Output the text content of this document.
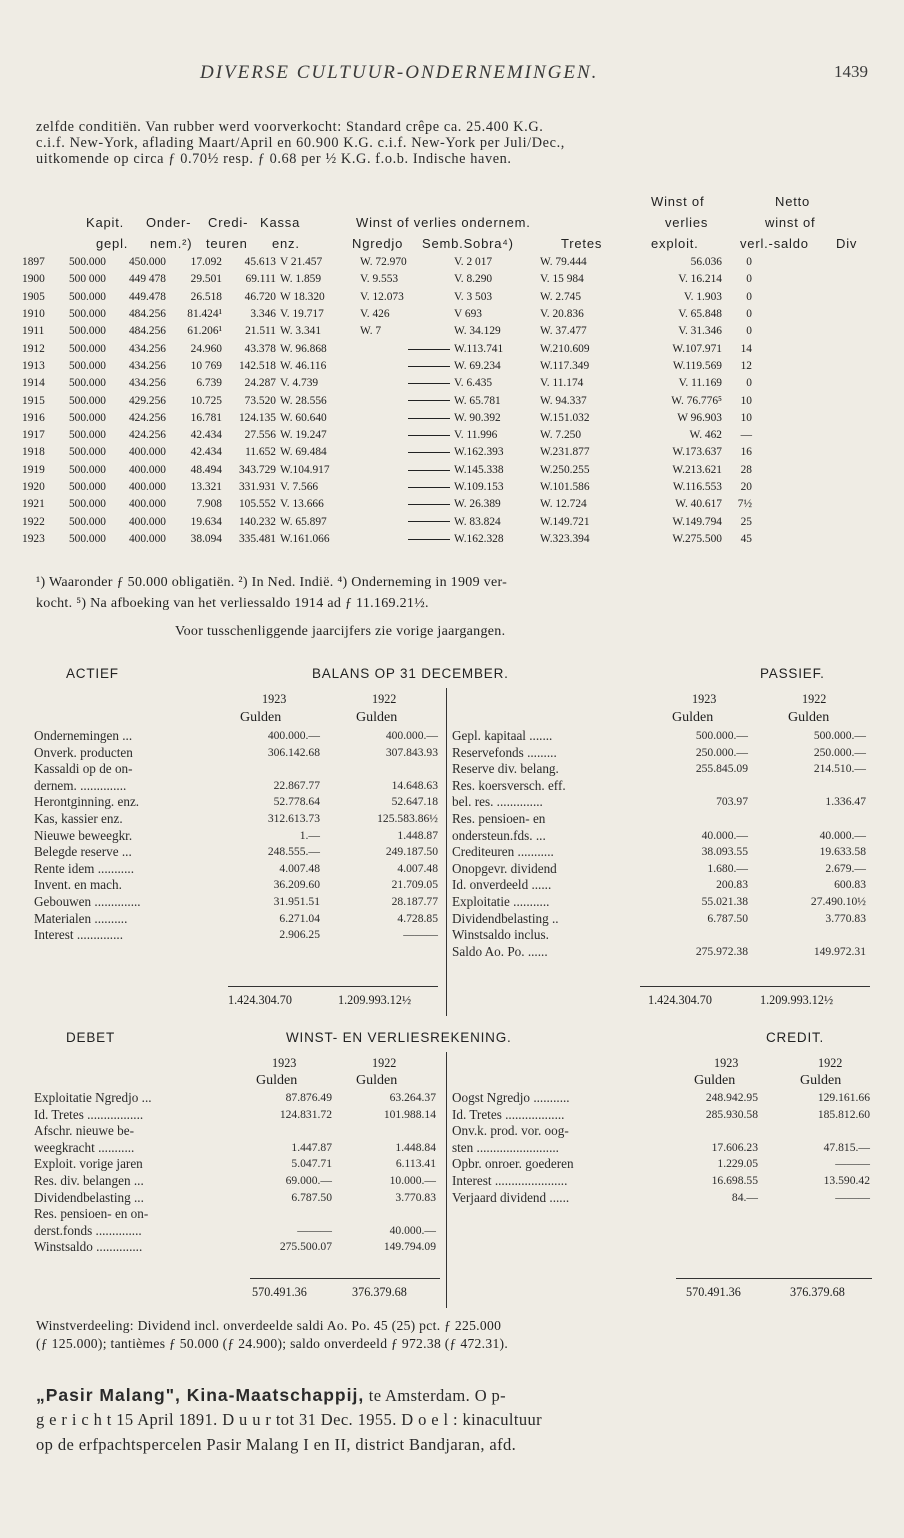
DIVERSE CULTUUR-ONDERNEMINGEN.	1439
zelfde conditiën. Van rubber werd voorverkocht: Standard crêpe ca. 25.400 K.G.
c.i.f. New-York, aflading Maart/April en 60.900 K.G. c.i.f. New-York per Juli/Dec.,
uitkomende op circa ƒ 0.70½ resp. ƒ 0.68 per ½ K.G. f.o.b. Indische haven.
Winst of	Netto
Kapit. Onder- Credi- Kassa	Winst of verlies ondernem.	verlies	winst of
gepl. nem.²) teuren enz.	Ngredjo Semb.Sobra⁴)	Tretes	exploit.	verl.-saldo Div
1897	500.000	450.000	17.092	45.613	V 21.457	W. 72.970	V. 2 017	W. 79.444	56.036	0
1900	500 000	449 478	29.501	69.111	W. 1.859	V. 9.553	V. 8.290	V. 15 984	V. 16.214	0
1905	500.000	449.478	26.518	46.720	W 18.320	V. 12.073	V. 3 503	W. 2.745	V. 1.903	0
1910	500.000	484.256	81.424¹	3.346	V. 19.717	V. 426	V 693	V. 20.836	V. 65.848	0
1911	500.000	484.256	61.206¹	21.511	W. 3.341	W. 7	W. 34.129	W. 37.477	V. 31.346	0
1912	500.000	434.256	24.960	43.378	W. 96.868		W.113.741	W.210.609	W.107.971	14
1913	500.000	434.256	10 769	142.518	W. 46.116		W. 69.234	W.117.349	W.119.569	12
1914	500.000	434.256	6.739	24.287	V. 4.739		V. 6.435	V. 11.174	V. 11.169	0
1915	500.000	429.256	10.725	73.520	W. 28.556		W. 65.781	W. 94.337	W. 76.776⁵	10
1916	500.000	424.256	16.781	124.135	W. 60.640		W. 90.392	W.151.032	W 96.903	10
1917	500.000	424.256	42.434	27.556	W. 19.247		V. 11.996	W. 7.250	W. 462	—
1918	500.000	400.000	42.434	11.652	W. 69.484		W.162.393	W.231.877	W.173.637	16
1919	500.000	400.000	48.494	343.729	W.104.917		W.145.338	W.250.255	W.213.621	28
1920	500.000	400.000	13.321	331.931	V. 7.566		W.109.153	W.101.586	W.116.553	20
1921	500.000	400.000	7.908	105.552	V. 13.666		W. 26.389	W. 12.724	W. 40.617	7½
1922	500.000	400.000	19.634	140.232	W. 65.897		W. 83.824	W.149.721	W.149.794	25
1923	500.000	400.000	38.094	335.481	W.161.066		W.162.328	W.323.394	W.275.500	45
¹) Waaronder ƒ 50.000 obligatiën. ²) In Ned. Indië. ⁴) Onderneming in 1909 ver-
kocht. ⁵) Na afboeking van het verliessaldo 1914 ad ƒ 11.169.21½.
Voor tusschenliggende jaarcijfers zie vorige jaargangen.
ACTIEF	BALANS OP 31 DECEMBER.	PASSIEF.
1923	1922	1923	1922
Gulden	Gulden	Gulden	Gulden
Ondernemingen ...	400.000.—	400.000.—
Onverk. producten	306.142.68	307.843.93
Kassaldi op de on-
dernem. ..............	22.867.77	14.648.63
Herontginning. enz.	52.778.64	52.647.18
Kas, kassier enz.	312.613.73	125.583.86½
Nieuwe beweegkr.	1.—	1.448.87
Belegde reserve ...	248.555.—	249.187.50
Rente idem ...........	4.007.48	4.007.48
Invent. en mach.	36.209.60	21.709.05
Gebouwen ..............	31.951.51	28.187.77
Materialen ..........	6.271.04	4.728.85
Interest ..............	2.906.25	———
Gepl. kapitaal .......	500.000.—	500.000.—
Reservefonds .........	250.000.—	250.000.—
Reserve div. belang.	255.845.09	214.510.—
Res. koersversch. eff.
bel. res. ..............	703.97	1.336.47
Res. pensioen- en
ondersteun.fds. ...	40.000.—	40.000.—
Crediteuren ...........	38.093.55	19.633.58
Onopgevr. dividend	1.680.—	2.679.—
Id. onverdeeld ......	200.83	600.83
Exploitatie ...........	55.021.38	27.490.10½
Dividendbelasting ..	6.787.50	3.770.83
Winstsaldo inclus.
Saldo Ao. Po. ......	275.972.38	149.972.31
1.424.304.70	1.209.993.12½	1.424.304.70	1.209.993.12½
DEBET	WINST- EN VERLIESREKENING.	CREDIT.
1923	1922	1923	1922
Gulden	Gulden	Gulden	Gulden
Exploitatie Ngredjo ...	87.876.49	63.264.37
Id. Tretes .................	124.831.72	101.988.14
Afschr. nieuwe be-
weegkracht ...........	1.447.87	1.448.84
Exploit. vorige jaren	5.047.71	6.113.41
Res. div. belangen ...	69.000.—	10.000.—
Dividendbelasting ...	6.787.50	3.770.83
Res. pensioen- en on-
derst.fonds ..............	———	40.000.—
Winstsaldo ..............	275.500.07	149.794.09
Oogst Ngredjo ...........	248.942.95	129.161.66
Id. Tretes ..................	285.930.58	185.812.60
Onv.k. prod. vor. oog-
sten .........................	17.606.23	47.815.—
Opbr. onroer. goederen	1.229.05	———
Interest ......................	16.698.55	13.590.42
Verjaard dividend ......	84.—	———
570.491.36	376.379.68	570.491.36	376.379.68
Winstverdeeling: Dividend incl. onverdeelde saldi Ao. Po. 45 (25) pct. ƒ 225.000
(ƒ 125.000); tantièmes ƒ 50.000 (ƒ 24.900); saldo onverdeeld ƒ 972.38 (ƒ 472.31).
„Pasir Malang", Kina-Maatschappij, te Amsterdam. O p-
g e r i c h t 15 April 1891. D u u r tot 31 Dec. 1955. D o e l : kinacultuur
op de erfpachtspercelen Pasir Malang I en II, district Bandjaran, afd.
